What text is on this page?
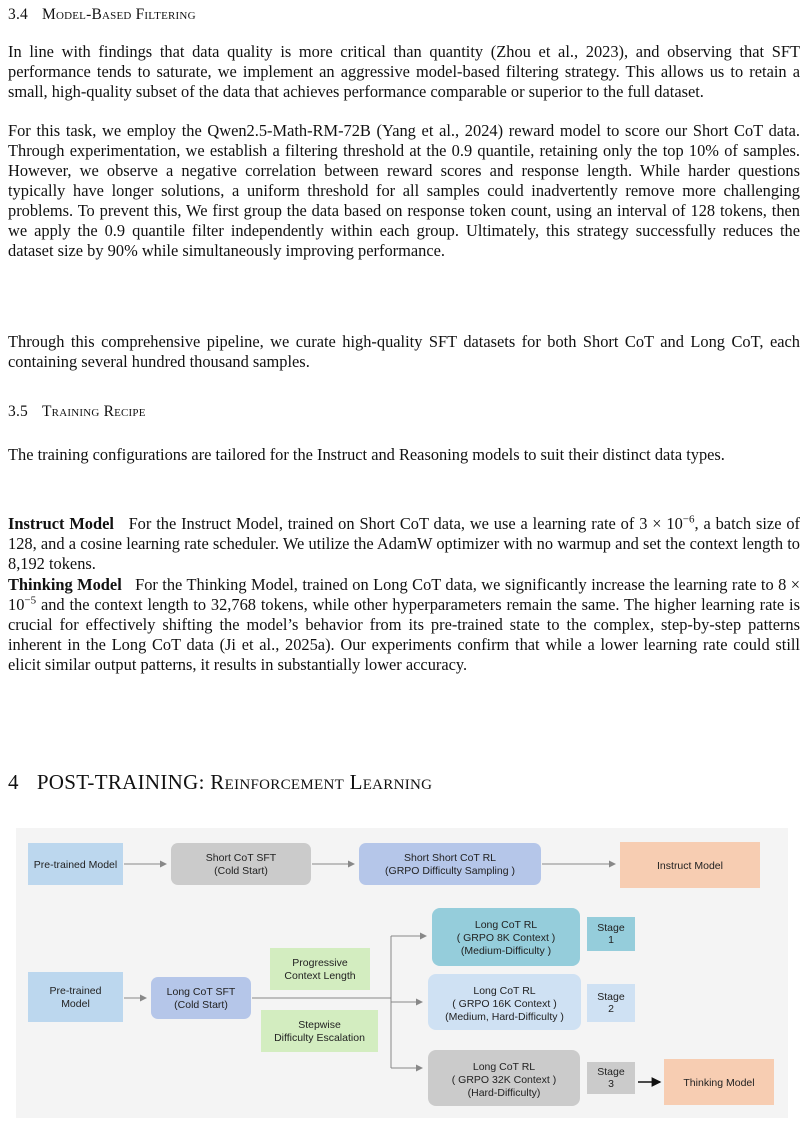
3.4 Model-Based Filtering

In line with findings that data quality is more critical than quantity (Zhou et al., 2023), and observing that SFT performance tends to saturate, we implement an aggressive model-based filtering strategy. This allows us to retain a small, high-quality subset of the data that achieves performance comparable or superior to the full dataset.

For this task, we employ the Qwen2.5-Math-RM-72B (Yang et al., 2024) reward model to score our Short CoT data. Through experimentation, we establish a filtering threshold at the 0.9 quantile, retaining only the top 10% of samples. However, we observe a negative correlation between reward scores and response length. While harder questions typically have longer solutions, a uniform threshold for all samples could inadvertently remove more challenging problems. To prevent this, We first group the data based on response token count, using an interval of 128 tokens, then we apply the 0.9 quantile filter independently within each group. Ultimately, this strategy successfully reduces the dataset size by 90% while simultaneously improving performance.

Through this comprehensive pipeline, we curate high-quality SFT datasets for both Short CoT and Long CoT, each containing several hundred thousand samples.

3.5 Training Recipe

The training configurations are tailored for the Instruct and Reasoning models to suit their distinct data types.

Instruct Model For the Instruct Model, trained on Short CoT data, we use a learning rate of $3 \times 10^{-6}$, a batch size of 128, and a cosine learning rate scheduler. We utilize the AdamW optimizer with no warmup and set the context length to 8,192 tokens.

Thinking Model For the Thinking Model, trained on Long CoT data, we significantly increase the learning rate to $8 \times 10^{-5}$ and the context length to 32,768 tokens, while other hyperparameters remain the same. The higher learning rate is crucial for effectively shifting the model’s behavior from its pre-trained state to the complex, step-by-step patterns inherent in the Long CoT data (Ji et al., 2025a). Our experiments confirm that while a lower learning rate could still elicit similar output patterns, it results in substantially lower accuracy.

4 POST-TRAINING: Reinforcement Learning
Pre-trained Model
Short CoT SFT
(Cold Start)
Short Short CoT RL
(GRPO Difficulty Sampling )	Instruct Model
Pre-trained
Model
Long CoT SFT
(Cold Start)
Progressive
Context Length
Stepwise
Difficulty Escalation
Long CoT RL
( GRPO 8K Context )
(Medium-Difficulty )
Stage
1
Long CoT RL
( GRPO 16K Context )
(Medium, Hard-Difficulty )
Stage
2
Long CoT RL
( GRPO 32K Context )
(Hard-Difficulty)
Stage
3	Thinking Model
